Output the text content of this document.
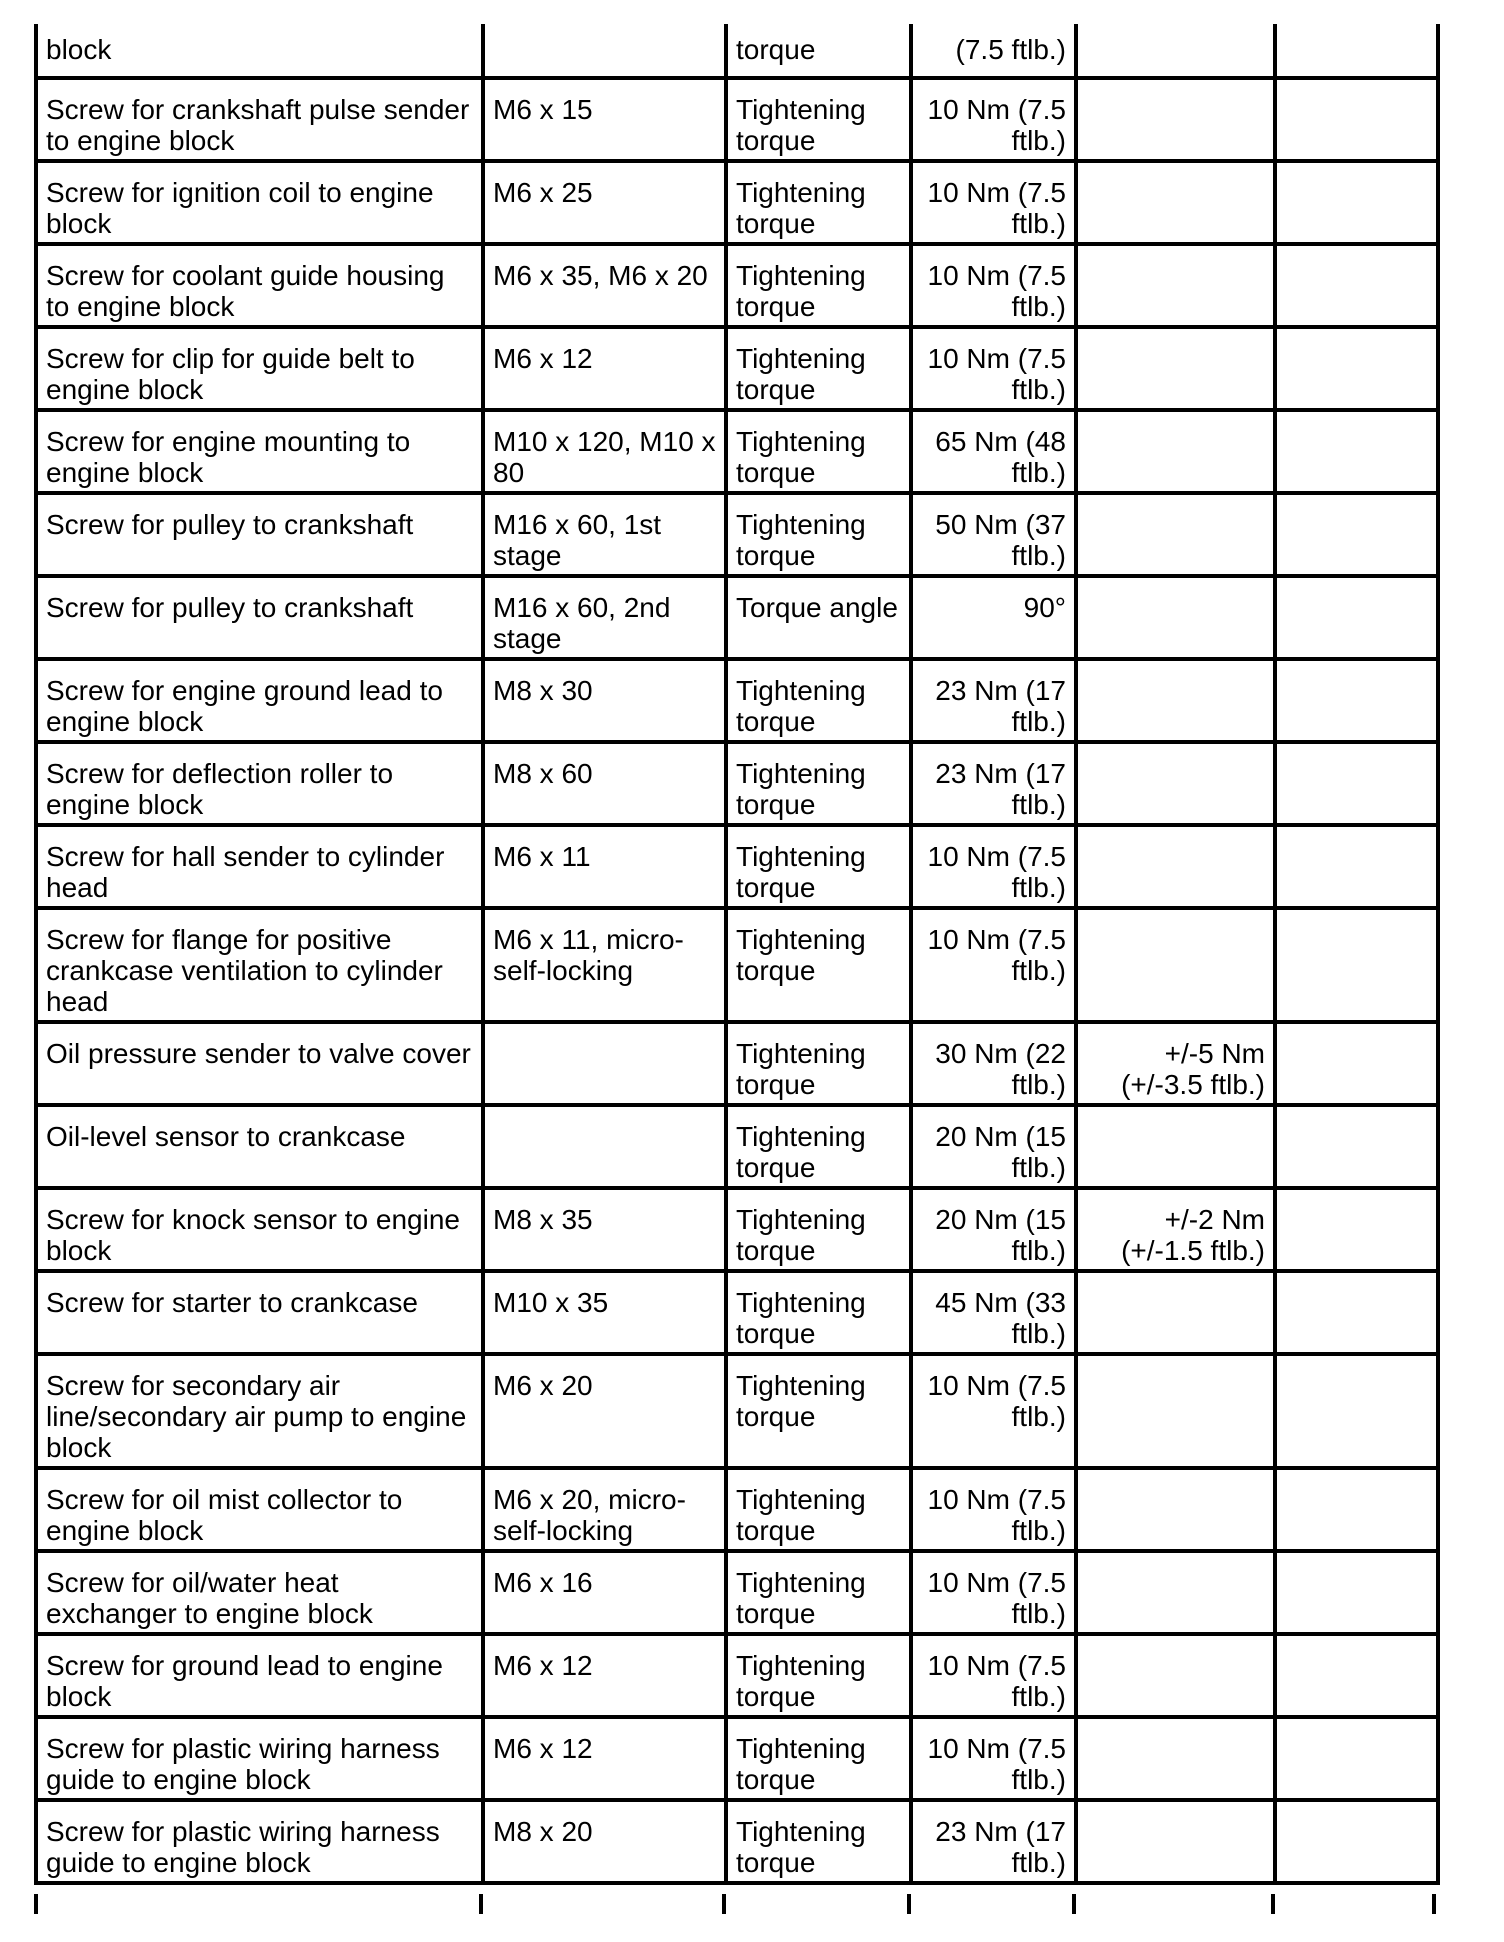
block		torque	(7.5 ftlb.)		
Screw for crankshaft pulse sender to engine block	M6 x 15	Tightening torque	10 Nm (7.5 ftlb.)		
Screw for ignition coil to engine block	M6 x 25	Tightening torque	10 Nm (7.5 ftlb.)		
Screw for coolant guide housing to engine block	M6 x 35, M6 x 20	Tightening torque	10 Nm (7.5 ftlb.)		
Screw for clip for guide belt to engine block	M6 x 12	Tightening torque	10 Nm (7.5 ftlb.)		
Screw for engine mounting to engine block	M10 x 120, M10 x 80	Tightening torque	65 Nm (48 ftlb.)		
Screw for pulley to crankshaft	M16 x 60, 1st stage	Tightening torque	50 Nm (37 ftlb.)		
Screw for pulley to crankshaft	M16 x 60, 2nd stage	Torque angle	90°		
Screw for engine ground lead to engine block	M8 x 30	Tightening torque	23 Nm (17 ftlb.)		
Screw for deflection roller to engine block	M8 x 60	Tightening torque	23 Nm (17 ftlb.)		
Screw for hall sender to cylinder head	M6 x 11	Tightening torque	10 Nm (7.5 ftlb.)		
Screw for flange for positive crankcase ventilation to cylinder head	M6 x 11, micro-self-locking	Tightening torque	10 Nm (7.5 ftlb.)		
Oil pressure sender to valve cover		Tightening torque	30 Nm (22 ftlb.)	+/-5 Nm (+/-3.5 ftlb.)	
Oil-level sensor to crankcase		Tightening torque	20 Nm (15 ftlb.)		
Screw for knock sensor to engine block	M8 x 35	Tightening torque	20 Nm (15 ftlb.)	+/-2 Nm (+/-1.5 ftlb.)	
Screw for starter to crankcase	M10 x 35	Tightening torque	45 Nm (33 ftlb.)		
Screw for secondary air line/secondary air pump to engine block	M6 x 20	Tightening torque	10 Nm (7.5 ftlb.)		
Screw for oil mist collector to engine block	M6 x 20, micro-self-locking	Tightening torque	10 Nm (7.5 ftlb.)		
Screw for oil/water heat exchanger to engine block	M6 x 16	Tightening torque	10 Nm (7.5 ftlb.)		
Screw for ground lead to engine block	M6 x 12	Tightening torque	10 Nm (7.5 ftlb.)		
Screw for plastic wiring harness guide to engine block	M6 x 12	Tightening torque	10 Nm (7.5 ftlb.)		
Screw for plastic wiring harness guide to engine block	M8 x 20	Tightening torque	23 Nm (17 ftlb.)		
